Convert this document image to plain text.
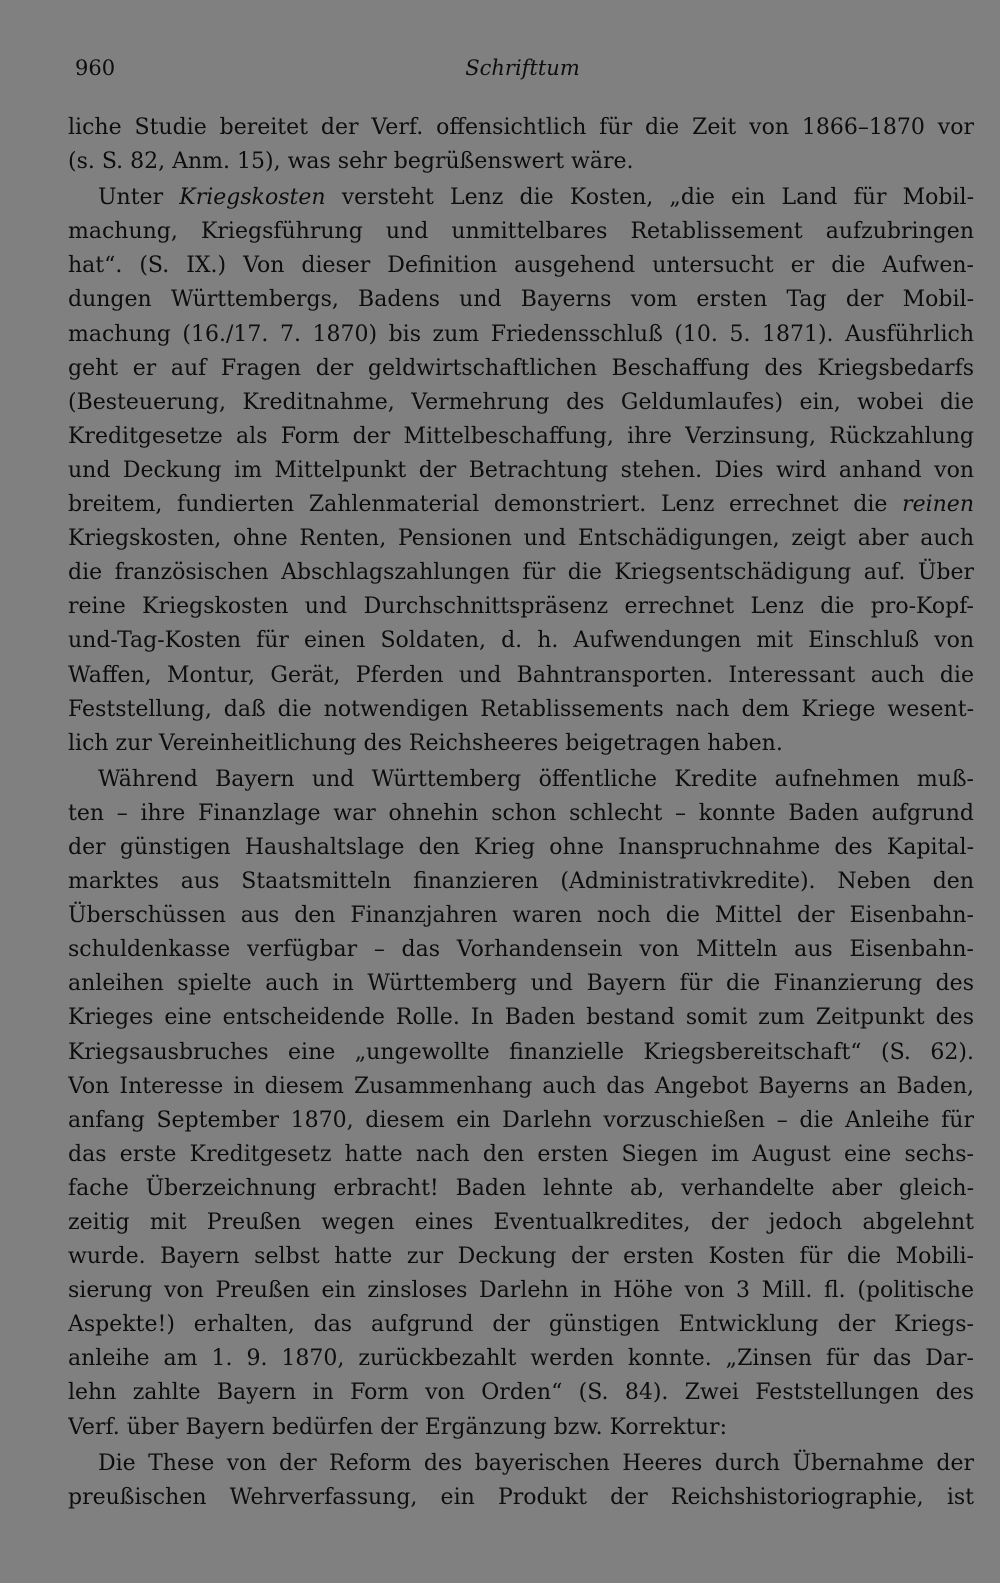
960	Schrifttum
liche Studie bereitet der Verf. offensichtlich für die Zeit von 1866–1870 vor
(s. S. 82, Anm. 15), was sehr begrüßenswert wäre.
Unter Kriegskosten versteht Lenz die Kosten, „die ein Land für Mobil-
machung, Kriegsführung und unmittelbares Retablissement aufzubringen
hat“. (S. IX.) Von dieser Definition ausgehend untersucht er die Aufwen-
dungen Württembergs, Badens und Bayerns vom ersten Tag der Mobil-
machung (16./17. 7. 1870) bis zum Friedensschluß (10. 5. 1871). Ausführlich
geht er auf Fragen der geldwirtschaftlichen Beschaffung des Kriegsbedarfs
(Besteuerung, Kreditnahme, Vermehrung des Geldumlaufes) ein, wobei die
Kreditgesetze als Form der Mittelbeschaffung, ihre Verzinsung, Rückzahlung
und Deckung im Mittelpunkt der Betrachtung stehen. Dies wird anhand von
breitem, fundierten Zahlenmaterial demonstriert. Lenz errechnet die reinen
Kriegskosten, ohne Renten, Pensionen und Entschädigungen, zeigt aber auch
die französischen Abschlagszahlungen für die Kriegsentschädigung auf. Über
reine Kriegskosten und Durchschnittspräsenz errechnet Lenz die pro-Kopf-
und-Tag-Kosten für einen Soldaten, d. h. Aufwendungen mit Einschluß von
Waffen, Montur, Gerät, Pferden und Bahntransporten. Interessant auch die
Feststellung, daß die notwendigen Retablissements nach dem Kriege wesent-
lich zur Vereinheitlichung des Reichsheeres beigetragen haben.
Während Bayern und Württemberg öffentliche Kredite aufnehmen muß-
ten – ihre Finanzlage war ohnehin schon schlecht – konnte Baden aufgrund
der günstigen Haushaltslage den Krieg ohne Inanspruchnahme des Kapital-
marktes aus Staatsmitteln finanzieren (Administrativkredite). Neben den
Überschüssen aus den Finanzjahren waren noch die Mittel der Eisenbahn-
schuldenkasse verfügbar – das Vorhandensein von Mitteln aus Eisenbahn-
anleihen spielte auch in Württemberg und Bayern für die Finanzierung des
Krieges eine entscheidende Rolle. In Baden bestand somit zum Zeitpunkt des
Kriegsausbruches eine „ungewollte finanzielle Kriegsbereitschaft“ (S. 62).
Von Interesse in diesem Zusammenhang auch das Angebot Bayerns an Baden,
anfang September 1870, diesem ein Darlehn vorzuschießen – die Anleihe für
das erste Kreditgesetz hatte nach den ersten Siegen im August eine sechs-
fache Überzeichnung erbracht! Baden lehnte ab, verhandelte aber gleich-
zeitig mit Preußen wegen eines Eventualkredites, der jedoch abgelehnt
wurde. Bayern selbst hatte zur Deckung der ersten Kosten für die Mobili-
sierung von Preußen ein zinsloses Darlehn in Höhe von 3 Mill. fl. (politische
Aspekte!) erhalten, das aufgrund der günstigen Entwicklung der Kriegs-
anleihe am 1. 9. 1870, zurückbezahlt werden konnte. „Zinsen für das Dar-
lehn zahlte Bayern in Form von Orden“ (S. 84). Zwei Feststellungen des
Verf. über Bayern bedürfen der Ergänzung bzw. Korrektur:
Die These von der Reform des bayerischen Heeres durch Übernahme der
preußischen Wehrverfassung, ein Produkt der Reichshistoriographie, ist
